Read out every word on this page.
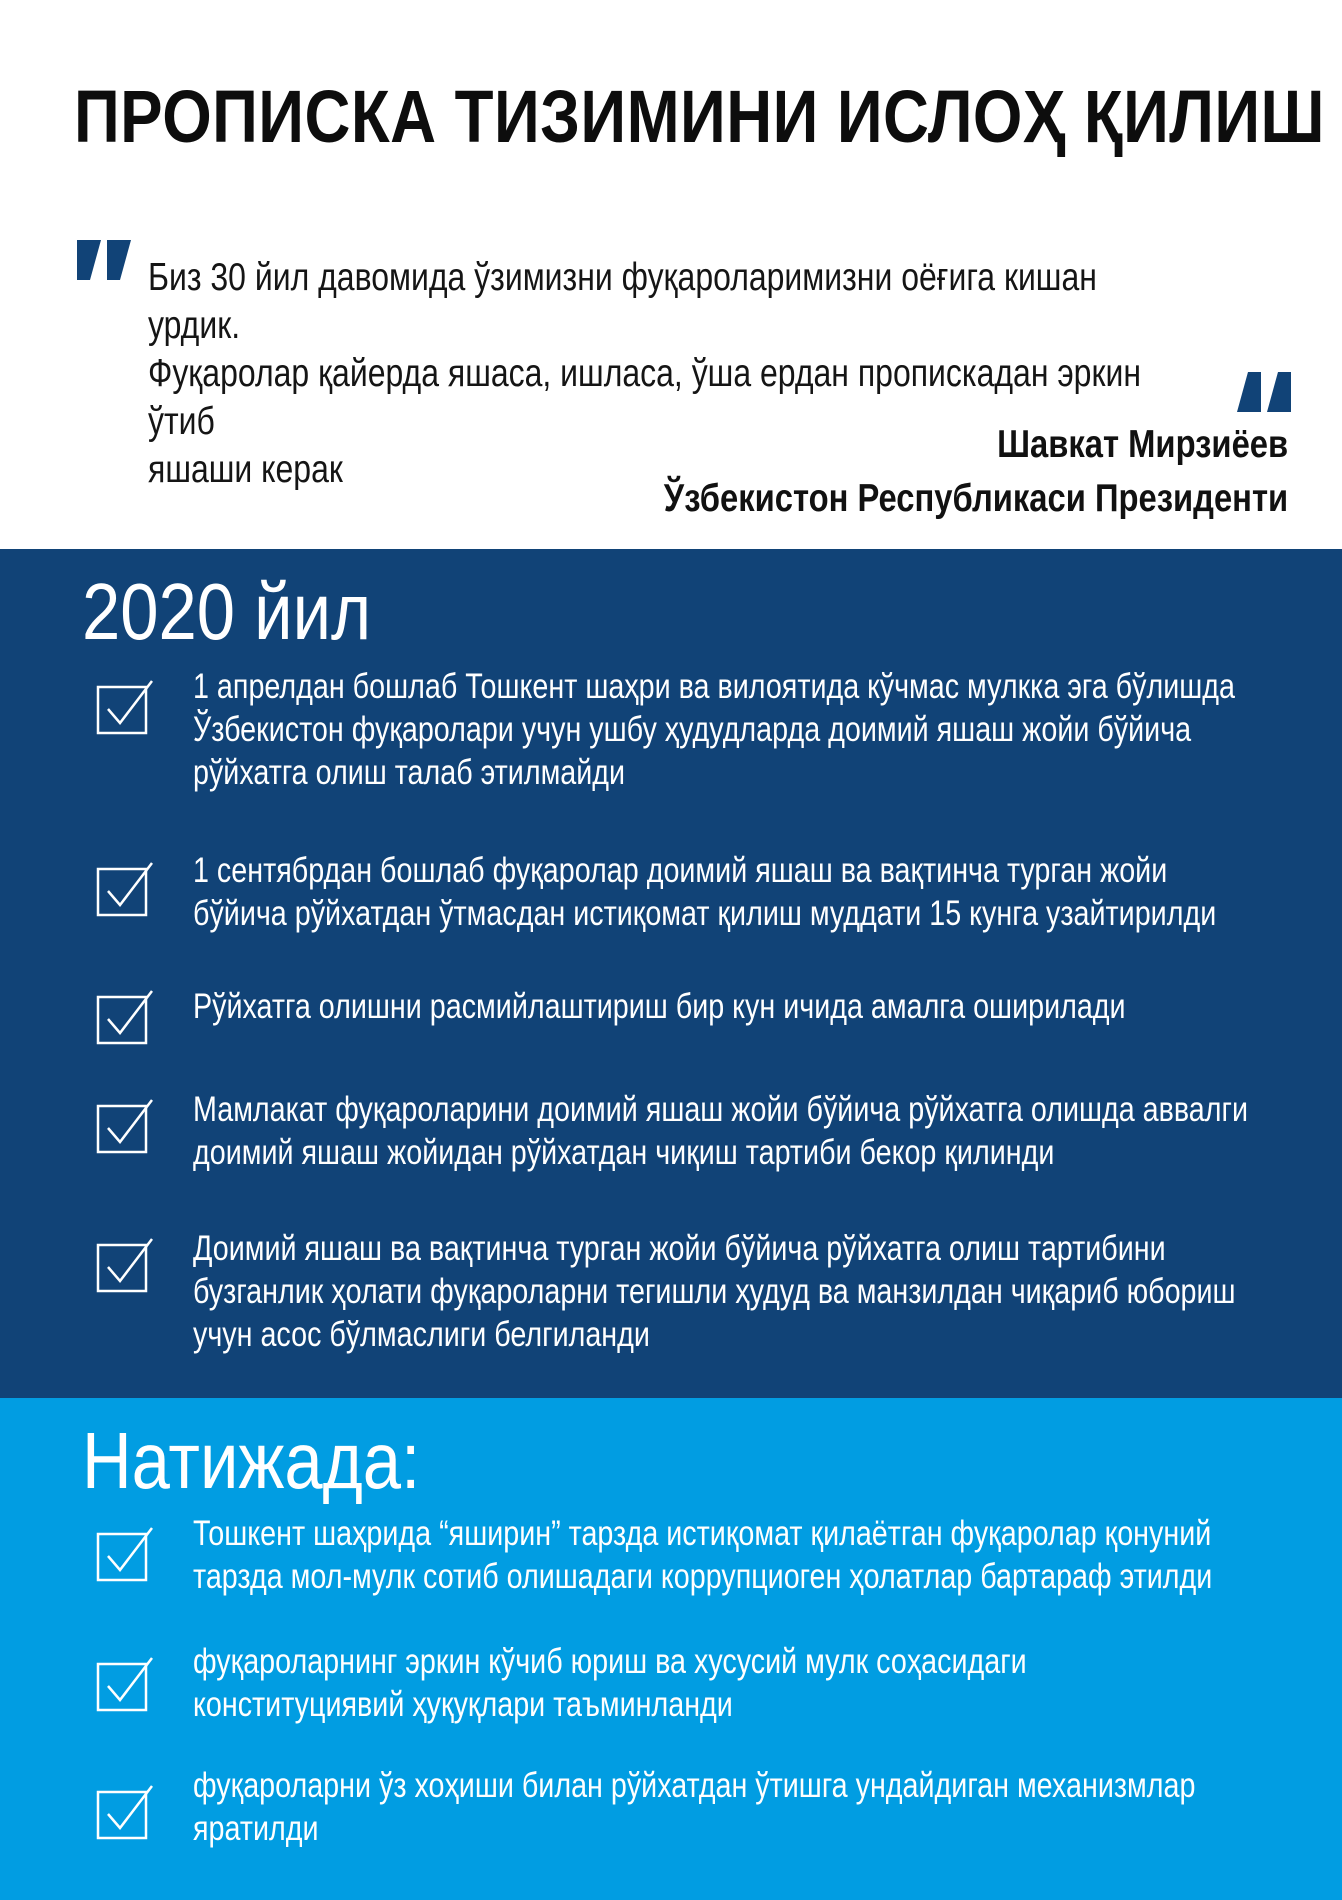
ПРОПИСКА ТИЗИМИНИ ИСЛОҲ ҚИЛИШ
Биз 30 йил давомида ўзимизни фуқароларимизни оёғига кишан урдик.
Фуқаролар қайерда яшаса, ишласа, ўша ердан пропискадан эркин ўтиб
яшаши керак
Шавкат Мирзиёев
Ўзбекистон Республикаси Президенти
2020 йил
1 апрелдан бошлаб Тошкент шаҳри ва вилоятида кўчмас мулкка эга бўлишда
Ўзбекистон фуқаролари учун ушбу ҳудудларда доимий яшаш жойи бўйича
рўйхатга олиш талаб этилмайди
1 сентябрдан бошлаб фуқаролар доимий яшаш ва вақтинча турган жойи
бўйича рўйхатдан ўтмасдан истиқомат қилиш муддати 15 кунга узайтирилди
Рўйхатга олишни расмийлаштириш бир кун ичида амалга оширилади
Мамлакат фуқароларини доимий яшаш жойи бўйича рўйхатга олишда аввалги
доимий яшаш жойидан рўйхатдан чиқиш тартиби бекор қилинди
Доимий яшаш ва вақтинча турган жойи бўйича рўйхатга олиш тартибини
бузганлик ҳолати фуқароларни тегишли ҳудуд ва манзилдан чиқариб юбориш
учун асос бўлмаслиги белгиланди
Натижада:
Тошкент шаҳрида “яширин” тарзда истиқомат қилаётган фуқаролар қонуний
тарзда мол-мулк сотиб олишадаги коррупциоген ҳолатлар бартараф этилди
фуқароларнинг эркин кўчиб юриш ва хусусий мулк соҳасидаги
конституциявий ҳуқуқлари таъминланди
фуқароларни ўз хоҳиши билан рўйхатдан ўтишга ундайдиган механизмлар
яратилди
